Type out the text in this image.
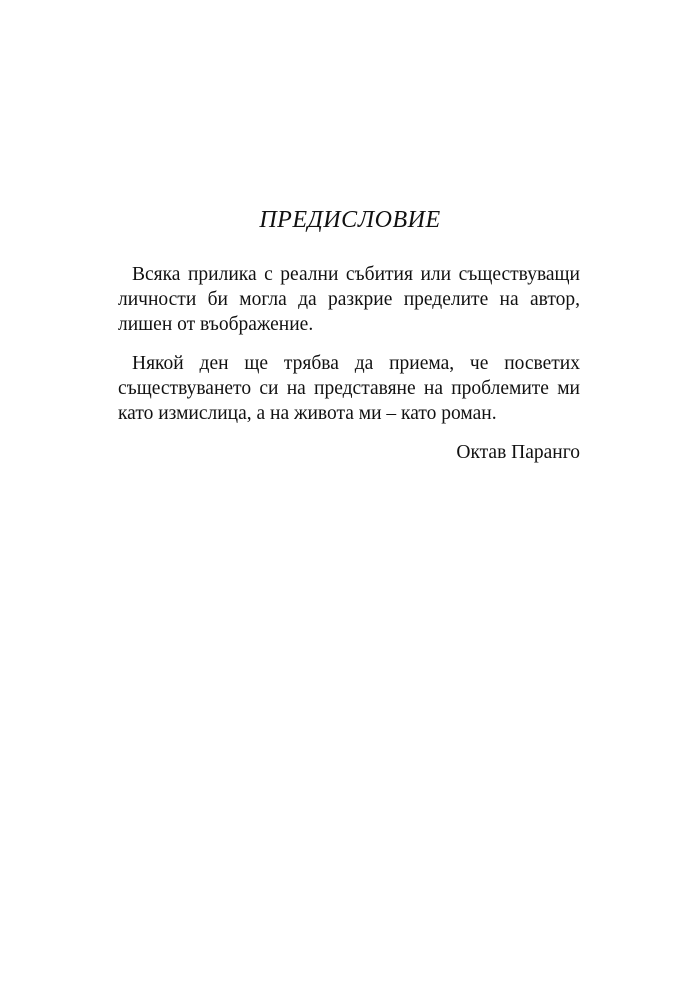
ПРЕДИСЛОВИЕ

Всяка прилика с реални събития или съществуващи личности би могла да разкрие пределите на автор, лишен от въображение.

Някой ден ще трябва да приема, че посветих съществуването си на представяне на проблемите ми като измислица, а на живота ми – като роман.

Октав Паранго
